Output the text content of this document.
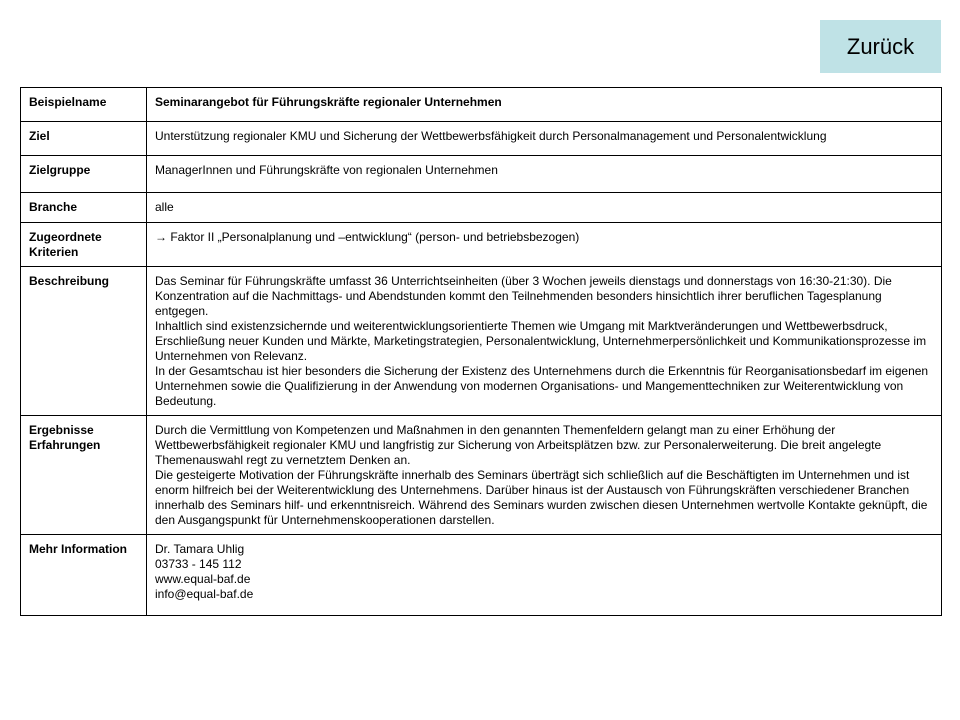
Zurück
Beispielname	Seminarangebot für Führungskräfte regionaler Unternehmen
Ziel	Unterstützung regionaler KMU und Sicherung der Wettbewerbsfähigkeit durch Personalmanagement und Personalentwicklung
Zielgruppe	ManagerInnen und Führungskräfte von regionalen Unternehmen
Branche	alle
Zugeordnete Kriterien	→ Faktor II „Personalplanung und –entwicklung“ (person- und betriebsbezogen)
Beschreibung	Das Seminar für Führungskräfte umfasst 36 Unterrichtseinheiten (über 3 Wochen jeweils dienstags und donnerstags von 16:30-21:30). Die Konzentration auf die Nachmittags- und Abendstunden kommt den Teilnehmenden besonders hinsichtlich ihrer beruflichen Tagesplanung entgegen.
Inhaltlich sind existenzsichernde und weiterentwicklungsorientierte Themen wie Umgang mit Marktveränderungen und Wettbewerbsdruck, Erschließung neuer Kunden und Märkte, Marketingstrategien, Personalentwicklung, Unternehmerpersönlichkeit und Kommunikationsprozesse im Unternehmen von Relevanz.
In der Gesamtschau ist hier besonders die Sicherung der Existenz des Unternehmens durch die Erkenntnis für Reorganisationsbedarf im eigenen Unternehmen sowie die Qualifizierung in der Anwendung von modernen Organisations- und Mangementtechniken zur Weiterentwicklung von Bedeutung.
Ergebnisse Erfahrungen	Durch die Vermittlung von Kompetenzen und Maßnahmen in den genannten Themenfeldern gelangt man zu einer Erhöhung der Wettbewerbsfähigkeit regionaler KMU und langfristig zur Sicherung von Arbeitsplätzen bzw. zur Personalerweiterung. Die breit angelegte Themenauswahl regt zu vernetztem Denken an.
Die gesteigerte Motivation der Führungskräfte innerhalb des Seminars überträgt sich schließlich auf die Beschäftigten im Unternehmen und ist enorm hilfreich bei der Weiterentwicklung des Unternehmens. Darüber hinaus ist der Austausch von Führungskräften verschiedener Branchen innerhalb des Seminars hilf- und erkenntnisreich. Während des Seminars wurden zwischen diesen Unternehmen wertvolle Kontakte geknüpft, die den Ausgangspunkt für Unternehmenskooperationen darstellen.
Mehr Information	Dr. Tamara Uhlig
03733 - 145 112
www.equal-baf.de
info@equal-baf.de
